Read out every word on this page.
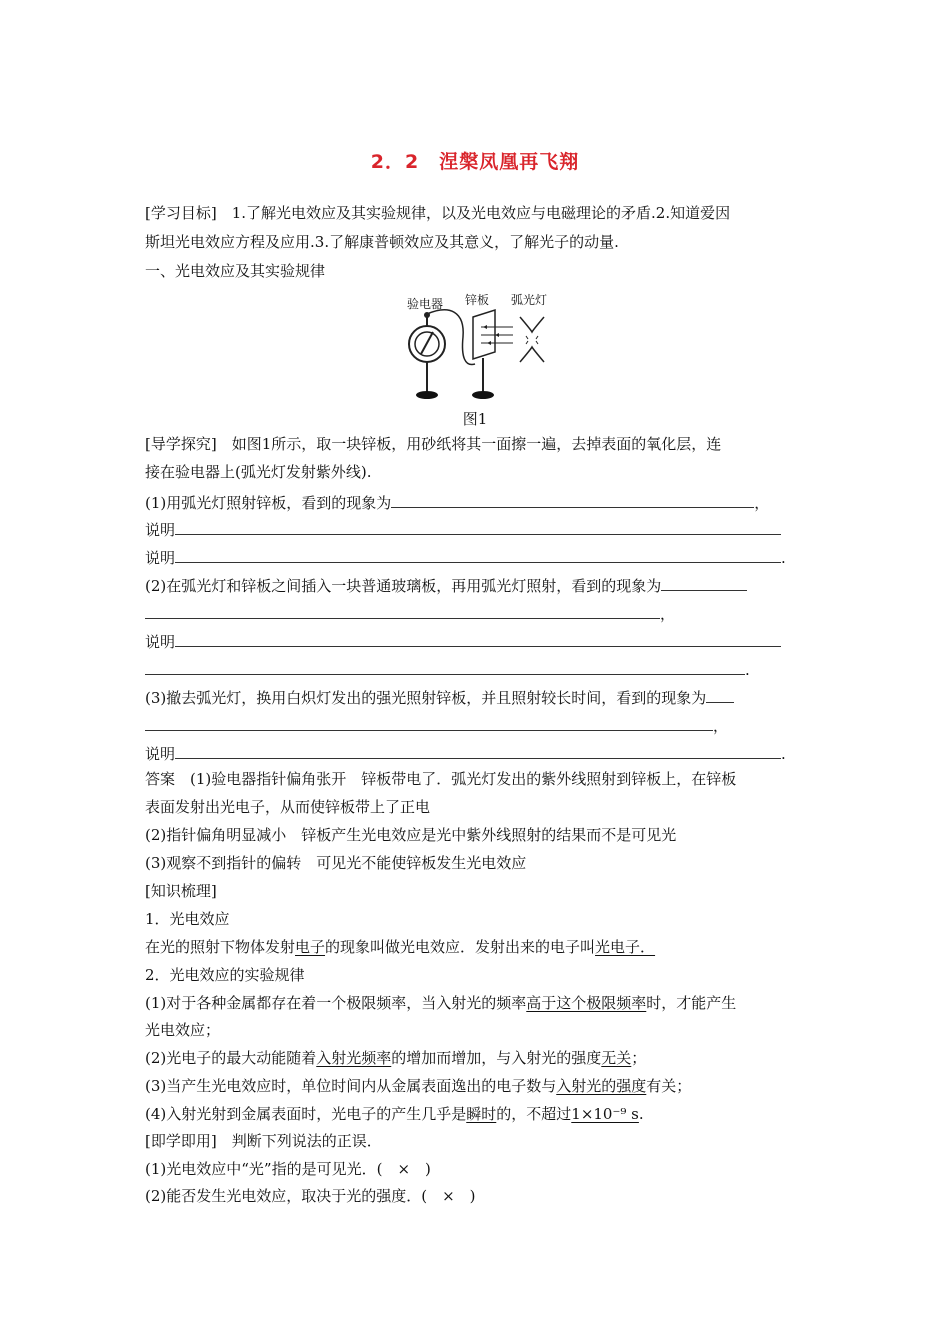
2．2　涅槃凤凰再飞翔
[学习目标]　1.了解光电效应及其实验规律，以及光电效应与电磁理论的矛盾.2.知道爱因
斯坦光电效应方程及应用.3.了解康普顿效应及其意义，了解光子的动量.
一、光电效应及其实验规律
验电器 锌板 弧光灯
图1
[导学探究]　如图1所示，取一块锌板，用砂纸将其一面擦一遍，去掉表面的氧化层，连
接在验电器上(弧光灯发射紫外线).
(1)用弧光灯照射锌板，看到的现象为	，
说明
说明	.
(2)在弧光灯和锌板之间插入一块普通玻璃板，再用弧光灯照射，看到的现象为
，
说明
.
(3)撤去弧光灯，换用白炽灯发出的强光照射锌板，并且照射较长时间，看到的现象为
，
说明	.
答案　(1)验电器指针偏角张开　锌板带电了．弧光灯发出的紫外线照射到锌板上，在锌板
表面发射出光电子，从而使锌板带上了正电
(2)指针偏角明显减小　锌板产生光电效应是光中紫外线照射的结果而不是可见光
(3)观察不到指针的偏转　可见光不能使锌板发生光电效应
[知识梳理]
1．光电效应
在光的照射下物体发射电子的现象叫做光电效应．发射出来的电子叫光电子．
2．光电效应的实验规律
(1)对于各种金属都存在着一个极限频率，当入射光的频率高于这个极限频率时，才能产生
光电效应；
(2)光电子的最大动能随着入射光频率的增加而增加，与入射光的强度无关；
(3)当产生光电效应时，单位时间内从金属表面逸出的电子数与入射光的强度有关；
(4)入射光射到金属表面时，光电子的产生几乎是瞬时的，不超过1×10⁻⁹ s.
[即学即用]　判断下列说法的正误．
(1)光电效应中“光”指的是可见光．(　×　)
(2)能否发生光电效应，取决于光的强度．(　×　)
